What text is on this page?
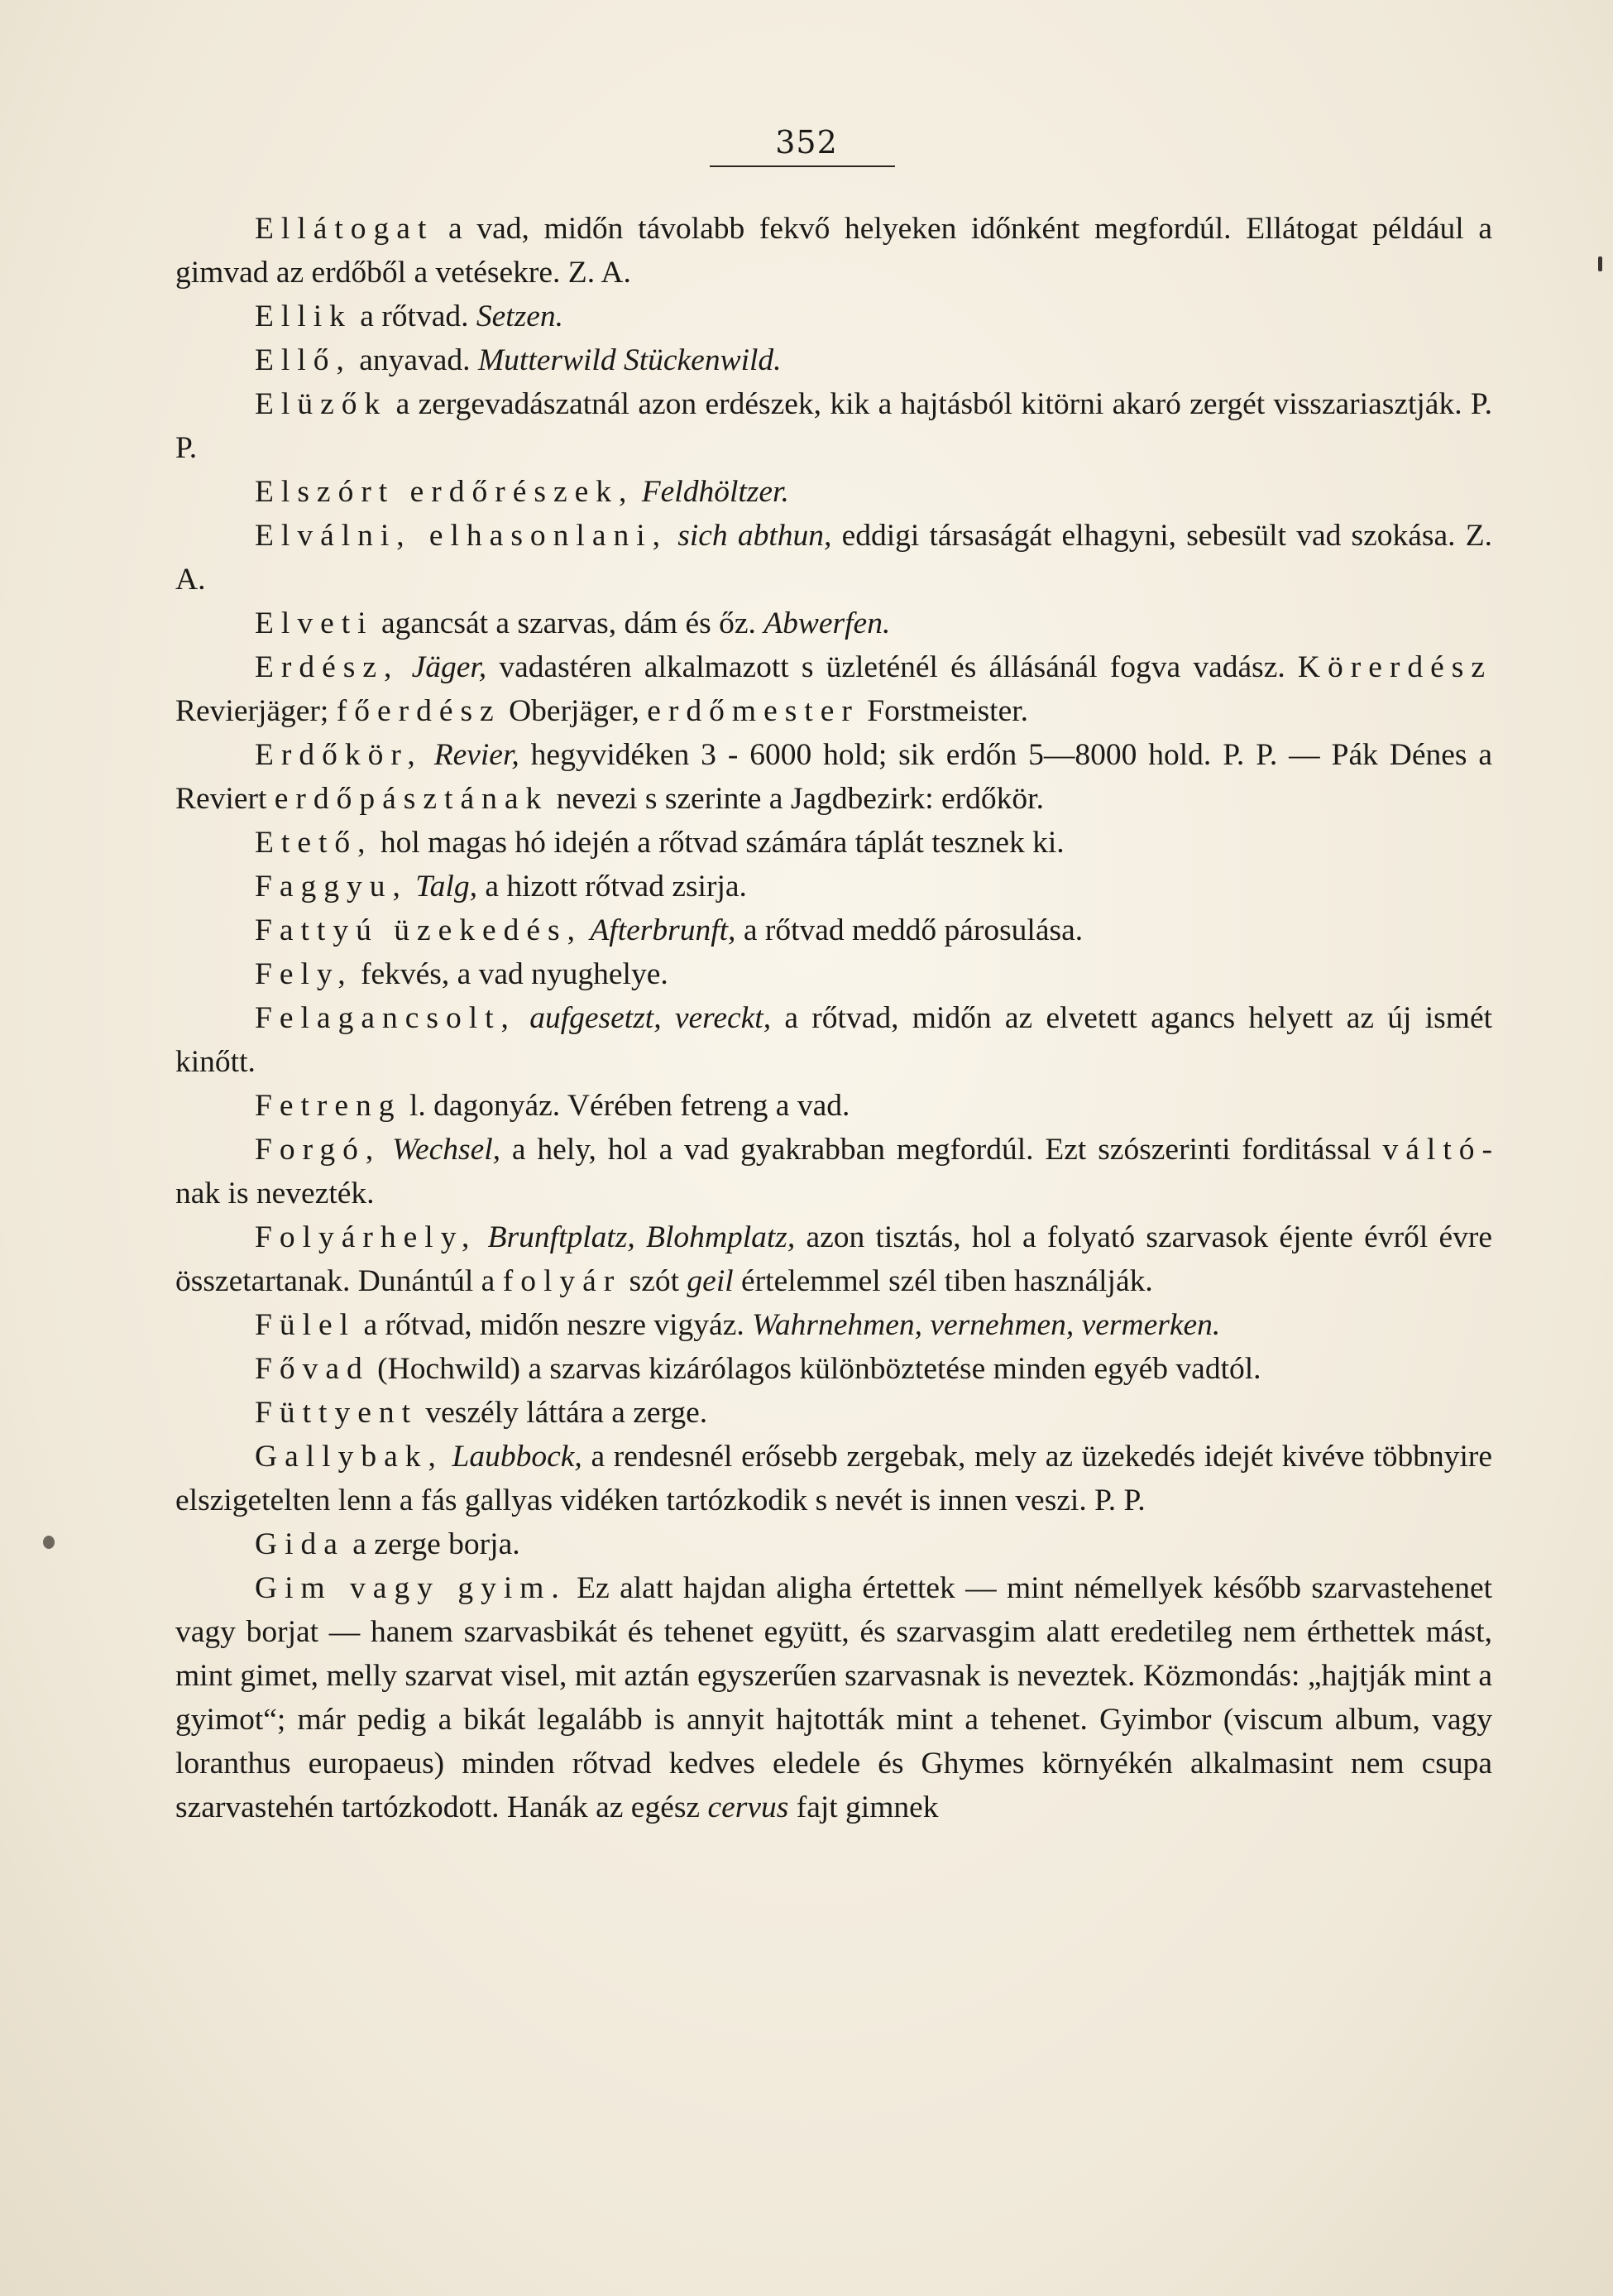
352

Ellátogat a vad, midőn távolabb fekvő helyeken időnként megfordúl. Ellátogat például a gimvad az erdőből a vetésekre. Z. A.

Ellik a rőtvad. Setzen.

Ellő, anyavad. Mutterwild Stückenwild.

Elüzők a zergevadászatnál azon erdészek, kik a hajtásból kitörni akaró zergét visszariasztják. P. P.

Elszórt erdőrészek, Feldhöltzer.

Elválni, elhasonlani, sich abthun, eddigi társaságát elhagyni, sebesült vad szokása. Z. A.

Elveti agancsát a szarvas, dám és őz. Abwerfen.

Erdész, Jäger, vadastéren alkalmazott s üzleténél és állásánál fogva vadász. Körerdész Revierjäger; főerdész Oberjäger, erdőmester Forstmeister.

Erdőkör, Revier, hegyvidéken 3 - 6000 hold; sik erdőn 5—8000 hold. P. P. — Pák Dénes a Reviert erdőpásztának nevezi s szerinte a Jagdbezirk: erdőkör.

Etető, hol magas hó idején a rőtvad számára táplát tesznek ki.

Faggyu, Talg, a hizott rőtvad zsirja.

Fattyú üzekedés, Afterbrunft, a rőtvad meddő párosulása.

Fely, fekvés, a vad nyughelye.

Felagancsolt, aufgesetzt, vereckt, a rőtvad, midőn az elvetett agancs helyett az új ismét kinőtt.

Fetreng l. dagonyáz. Vérében fetreng a vad.

Forgó, Wechsel, a hely, hol a vad gyakrabban megfordúl. Ezt szószerinti forditással váltó-nak is nevezték.

Folyárhely, Brunftplatz, Blohmplatz, azon tisztás, hol a folyató szarvasok éjente évről évre összetartanak. Dunántúl a folyár szót geil értelemmel szél tiben használják.

Fülel a rőtvad, midőn neszre vigyáz. Wahrnehmen, vernehmen, vermerken.

Fővad (Hochwild) a szarvas kizárólagos különböztetése minden egyéb vadtól.

Füttyent veszély láttára a zerge.

Gallybak, Laubbock, a rendesnél erősebb zergebak, mely az üzekedés idejét kivéve többnyire elszigetelten lenn a fás gallyas vidéken tartózkodik s nevét is innen veszi. P. P.

Gida a zerge borja.

Gim vagy gyim. Ez alatt hajdan aligha értettek — mint némellyek később szarvastehenet vagy borjat — hanem szarvasbikát és tehenet együtt, és szarvasgim alatt eredetileg nem érthettek mást, mint gimet, melly szarvat visel, mit aztán egyszerűen szarvasnak is neveztek. Közmondás: „hajtják mint a gyimot“; már pedig a bikát legalább is annyit hajtották mint a tehenet. Gyimbor (viscum album, vagy loranthus europaeus) minden rőtvad kedves eledele és Ghymes környékén alkalmasint nem csupa szarvastehén tartózkodott. Hanák az egész cervus fajt gimnek
